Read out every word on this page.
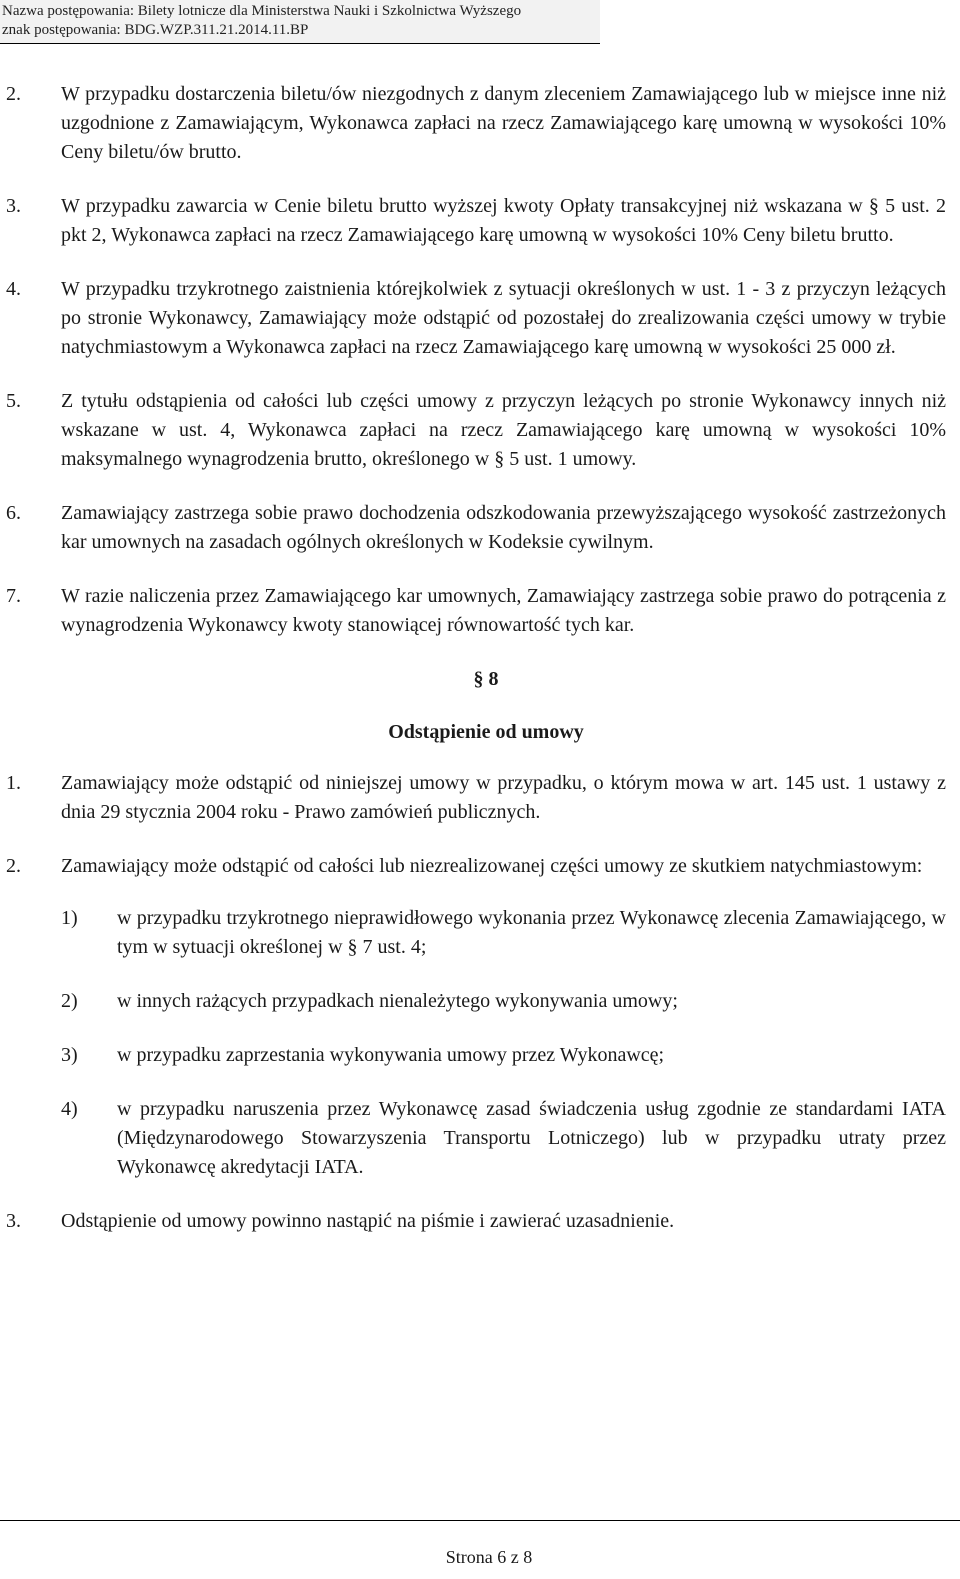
Nazwa postępowania: Bilety lotnicze dla Ministerstwa Nauki i Szkolnictwa Wyższego
znak postępowania: BDG.WZP.311.21.2014.11.BP
2.	W przypadku dostarczenia biletu/ów niezgodnych z danym zleceniem Zamawiającego lub w miejsce inne niż uzgodnione z Zamawiającym, Wykonawca zapłaci na rzecz Zamawiającego karę umowną w wysokości 10% Ceny biletu/ów brutto.
3.	W przypadku zawarcia w Cenie biletu brutto wyższej kwoty Opłaty transakcyjnej niż wskazana w § 5 ust. 2 pkt 2, Wykonawca zapłaci na rzecz Zamawiającego karę umowną w wysokości 10% Ceny biletu brutto.
4.	W przypadku trzykrotnego zaistnienia którejkolwiek z sytuacji określonych w ust. 1 - 3 z przyczyn leżących po stronie Wykonawcy, Zamawiający może odstąpić od pozostałej do zrealizowania części umowy w trybie natychmiastowym a Wykonawca zapłaci na rzecz Zamawiającego karę umowną w wysokości 25 000 zł.
5.	Z tytułu odstąpienia od całości lub części umowy z przyczyn leżących po stronie Wykonawcy innych niż wskazane w ust. 4, Wykonawca zapłaci na rzecz Zamawiającego karę umowną w wysokości 10% maksymalnego wynagrodzenia brutto, określonego w § 5 ust. 1 umowy.
6.	Zamawiający zastrzega sobie prawo dochodzenia odszkodowania przewyższającego wysokość zastrzeżonych kar umownych na zasadach ogólnych określonych w Kodeksie cywilnym.
7.	W razie naliczenia przez Zamawiającego kar umownych, Zamawiający zastrzega sobie prawo do potrącenia z wynagrodzenia Wykonawcy kwoty stanowiącej równowartość tych kar.
§ 8
Odstąpienie od umowy
1.	Zamawiający może odstąpić od niniejszej umowy w przypadku, o którym mowa w art. 145 ust. 1 ustawy z dnia 29 stycznia 2004 roku - Prawo zamówień publicznych.
2.	Zamawiający może odstąpić od całości lub niezrealizowanej części umowy ze skutkiem natychmiastowym:
1)	w przypadku trzykrotnego nieprawidłowego wykonania przez Wykonawcę zlecenia Zamawiającego, w tym w sytuacji określonej w § 7 ust. 4;
2)	w innych rażących przypadkach nienależytego wykonywania umowy;
3)	w przypadku zaprzestania wykonywania umowy przez Wykonawcę;
4)	w przypadku naruszenia przez Wykonawcę zasad świadczenia usług zgodnie ze standardami IATA (Międzynarodowego Stowarzyszenia Transportu Lotniczego) lub w przypadku utraty przez Wykonawcę akredytacji IATA.
3.	Odstąpienie od umowy powinno nastąpić na piśmie i zawierać uzasadnienie.
Strona 6 z 8
